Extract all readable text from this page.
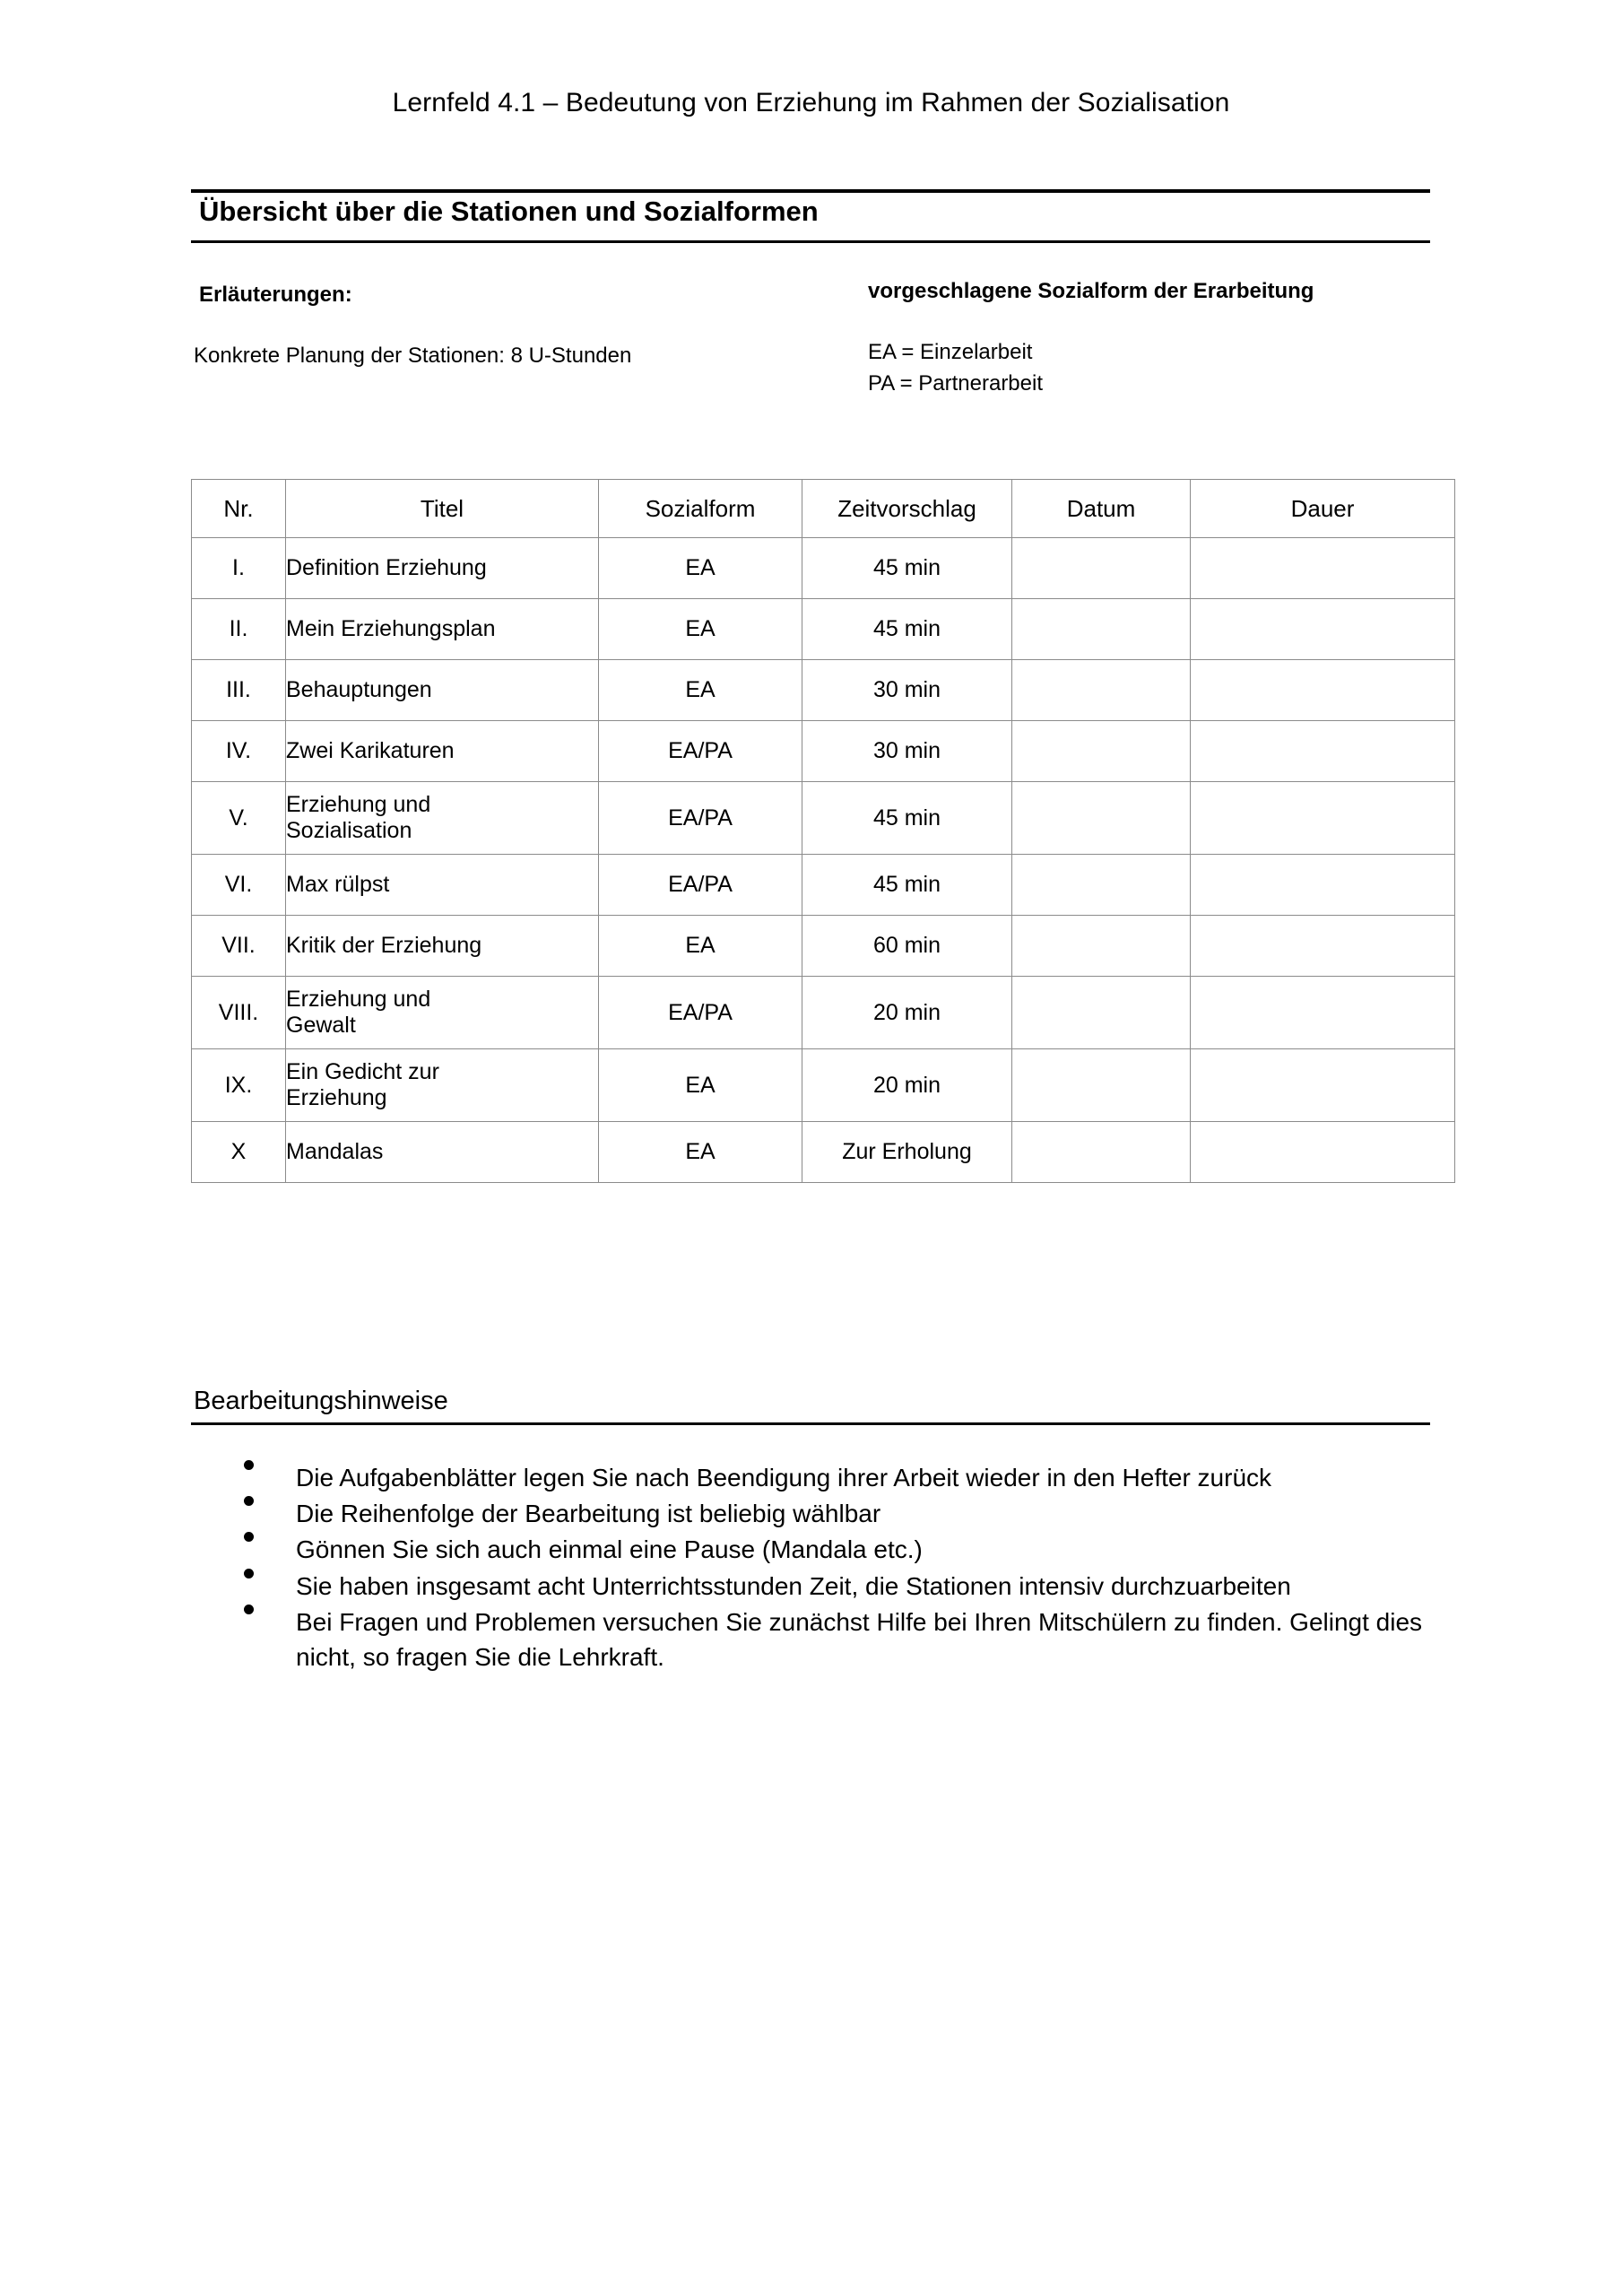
Lernfeld 4.1 – Bedeutung von Erziehung im Rahmen der Sozialisation
Übersicht über die Stationen und Sozialformen
Erläuterungen:
Konkrete Planung der Stationen: 8 U-Stunden
vorgeschlagene Sozialform der Erarbeitung
EA = Einzelarbeit
PA = Partnerarbeit
Nr.	Titel	Sozialform	Zeitvorschlag	Datum	Dauer
I.	Definition Erziehung	EA	45 min		
II.	Mein Erziehungsplan	EA	45 min		
III.	Behauptungen	EA	30 min		
IV.	Zwei Karikaturen	EA/PA	30 min		
V.	Erziehung und
Sozialisation	EA/PA	45 min		
VI.	Max rülpst	EA/PA	45 min		
VII.	Kritik der Erziehung	EA	60 min		
VIII.	Erziehung und
Gewalt	EA/PA	20 min		
IX.	Ein Gedicht zur
Erziehung	EA	20 min		
X	Mandalas	EA	Zur Erholung		
Bearbeitungshinweise
Die Aufgabenblätter legen Sie nach Beendigung ihrer Arbeit wieder in den Hefter zurück
Die Reihenfolge der Bearbeitung ist beliebig wählbar
Gönnen Sie sich auch einmal eine Pause (Mandala etc.)
Sie haben insgesamt acht Unterrichtsstunden Zeit, die Stationen intensiv durchzuarbeiten
Bei Fragen und Problemen versuchen Sie zunächst Hilfe bei Ihren Mitschülern zu finden. Gelingt dies nicht, so fragen Sie die Lehrkraft.
